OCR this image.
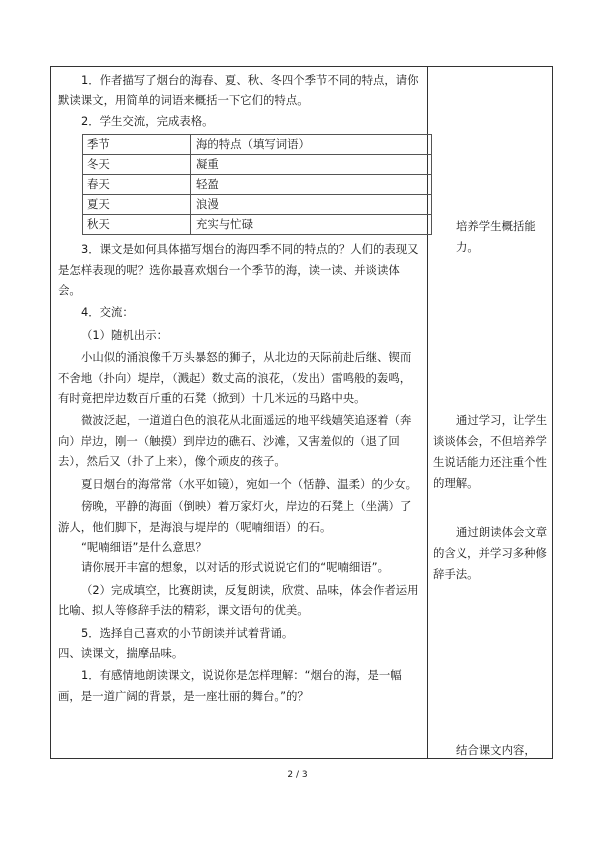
1．作者描写了烟台的海春、夏、秋、冬四个季节不同的特点，请你默读课文，用简单的词语来概括一下它们的特点。

2．学生交流，完成表格。

季节	海的特点（填写词语）
冬天	凝重
春天	轻盈
夏天	浪漫
秋天	充实与忙碌

3．课文是如何具体描写烟台的海四季不同的特点的？人们的表现又是怎样表现的呢？选你最喜欢烟台一个季节的海，读一读、并谈读体会。

4．交流：

（1）随机出示：

小山似的涌浪像千万头暴怒的狮子，从北边的天际前赴后继、锲而不舍地（扑向）堤岸，（溅起）数丈高的浪花，（发出）雷鸣般的轰鸣，有时竟把岸边数百斤重的石凳（掀到）十几米远的马路中央。

微波泛起，一道道白色的浪花从北面遥远的地平线嬉笑追逐着（奔向）岸边，刚一（触摸）到岸边的礁石、沙滩，又害羞似的（退了回去），然后又（扑了上来），像个顽皮的孩子。

夏日烟台的海常常（水平如镜），宛如一个（恬静、温柔）的少女。

傍晚，平静的海面（倒映）着万家灯火，岸边的石凳上（坐满）了游人，他们脚下，是海浪与堤岸的（呢喃细语）的石。

“呢喃细语”是什么意思？

请你展开丰富的想象，以对话的形式说说它们的“呢喃细语”。

（2）完成填空，比赛朗读，反复朗读，欣赏、品味，体会作者运用比喻、拟人等修辞手法的精彩，课文语句的优美。

5．选择自己喜欢的小节朗读并试着背诵。

四、读课文，揣摩品味。

1．有感情地朗读课文，说说你是怎样理解：“烟台的海，是一幅画，是一道广阔的背景，是一座壮丽的舞台。”的？

培养学生概括能力。
通过学习，让学生谈谈体会，不但培养学生说话能力还注重个性的理解。
通过朗读体会文章的含义，并学习多种修辞手法。
结合课文内容，
2 / 3
